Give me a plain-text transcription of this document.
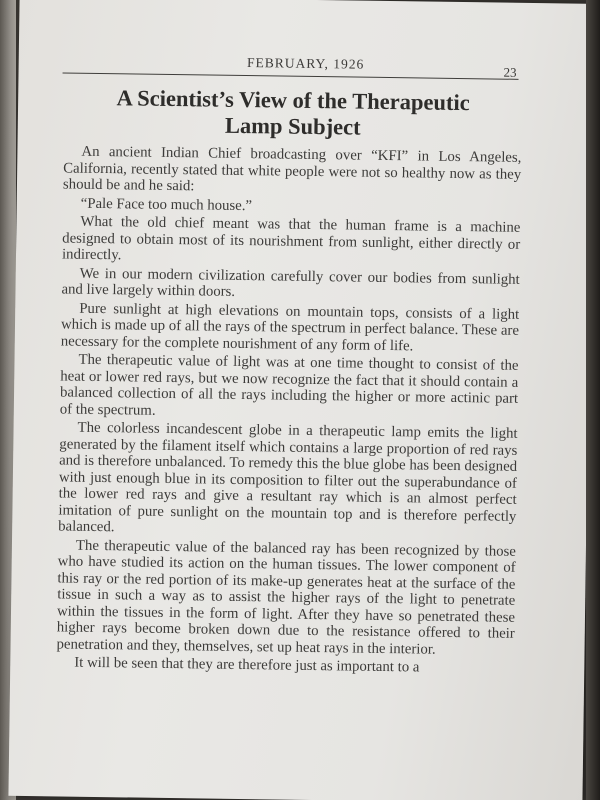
FEBRUARY, 1926
23
A Scientist’s View of the Therapeutic
Lamp Subject

An ancient Indian Chief broadcasting over “KFI” in Los Angeles, California, recently stated that white people were not so healthy now as they should be and he said:

“Pale Face too much house.”

What the old chief meant was that the human frame is a machine designed to obtain most of its nourishment from sunlight, either directly or indirectly.

We in our modern civilization carefully cover our bodies from sunlight and live largely within doors.

Pure sunlight at high elevations on mountain tops, consists of a light which is made up of all the rays of the spectrum in perfect balance. These are necessary for the complete nourishment of any form of life.

The therapeutic value of light was at one time thought to consist of the heat or lower red rays, but we now recognize the fact that it should contain a balanced collection of all the rays including the higher or more actinic part of the spectrum.

The colorless incandescent globe in a therapeutic lamp emits the light generated by the filament itself which contains a large proportion of red rays and is therefore unbalanced. To remedy this the blue globe has been designed with just enough blue in its composition to filter out the superabundance of the lower red rays and give a resultant ray which is an almost perfect imitation of pure sunlight on the mountain top and is therefore perfectly balanced.

The therapeutic value of the balanced ray has been recognized by those who have studied its action on the human tissues. The lower component of this ray or the red portion of its make-up generates heat at the surface of the tissue in such a way as to assist the higher rays of the light to penetrate within the tissues in the form of light. After they have so penetrated these higher rays become broken down due to the resistance offered to their penetration and they, themselves, set up heat rays in the interior.

It will be seen that they are therefore just as important to a
